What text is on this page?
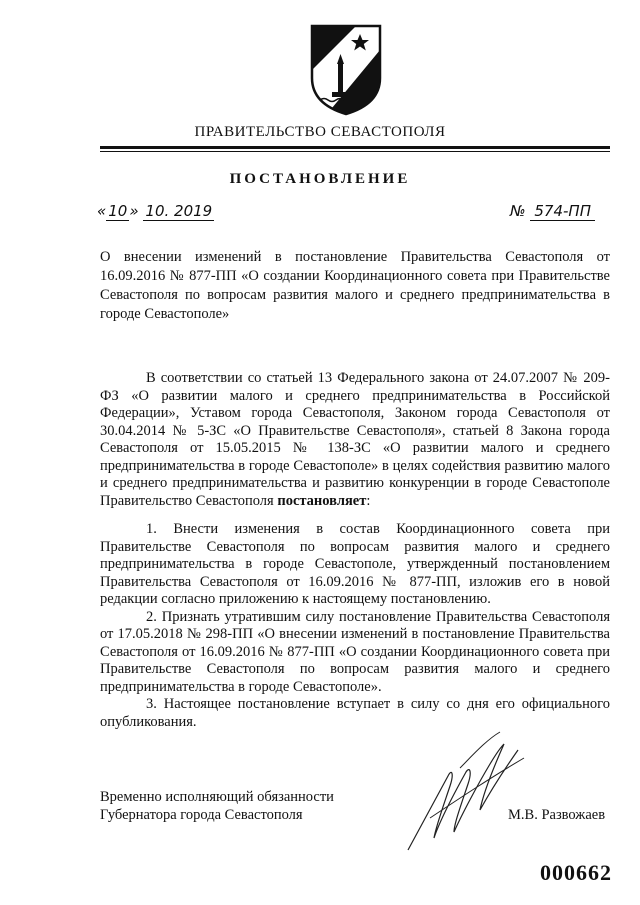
ПРАВИТЕЛЬСТВО СЕВАСТОПОЛЯ
ПОСТАНОВЛЕНИЕ
« 10 » 10. 2019	№ 574-ПП
О внесении изменений в постановление Правительства Севастополя от 16.09.2016 № 877-ПП «О создании Координационного совета при Правительстве Севастополя по вопросам развития малого и среднего предпринимательства в городе Севастополе»

В соответствии со статьей 13 Федерального закона от 24.07.2007 № 209-ФЗ «О развитии малого и среднего предпринимательства в Российской Федерации», Уставом города Севастополя, Законом города Севастополя от 30.04.2014 № 5-ЗС «О Правительстве Севастополя», статьей 8 Закона города Севастополя от 15.05.2015 № 138-ЗС «О развитии малого и среднего предпринимательства в городе Севастополе» в целях содействия развитию малого и среднего предпринимательства и развитию конкуренции в городе Севастополе Правительство Севастополя постановляет:

1. Внести изменения в состав Координационного совета при Правительстве Севастополя по вопросам развития малого и среднего предпринимательства в городе Севастополе, утвержденный постановлением Правительства Севастополя от 16.09.2016 № 877-ПП, изложив его в новой редакции согласно приложению к настоящему постановлению.

2. Признать утратившим силу постановление Правительства Севастополя от 17.05.2018 № 298-ПП «О внесении изменений в постановление Правительства Севастополя от 16.09.2016 № 877-ПП «О создании Координационного совета при Правительстве Севастополя по вопросам развития малого и среднего предпринимательства в городе Севастополе».

3. Настоящее постановление вступает в силу со дня его официального опубликования.

Временно исполняющий обязанности
Губернатора города Севастополя	М.В. Развожаев
000662
